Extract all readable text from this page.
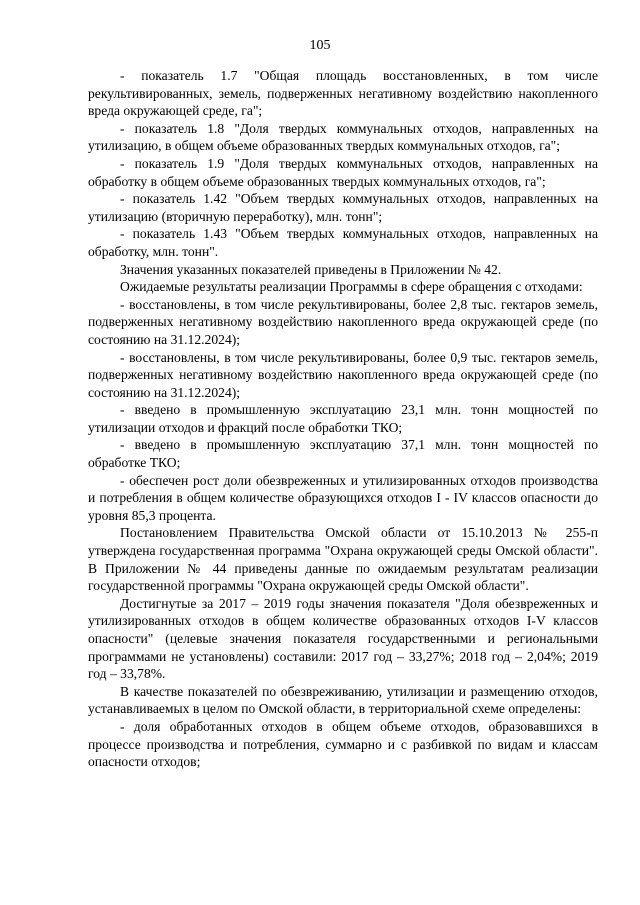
105

- показатель 1.7 "Общая площадь восстановленных, в том числе рекультивированных, земель, подверженных негативному воздействию накопленного вреда окружающей среде, га";

- показатель 1.8 "Доля твердых коммунальных отходов, направленных на утилизацию, в общем объеме образованных твердых коммунальных отходов, га";

- показатель 1.9 "Доля твердых коммунальных отходов, направленных на обработку в общем объеме образованных твердых коммунальных отходов, га";

- показатель 1.42 "Объем твердых коммунальных отходов, направленных на утилизацию (вторичную переработку), млн. тонн";

- показатель 1.43 "Объем твердых коммунальных отходов, направленных на обработку, млн. тонн".

Значения указанных показателей приведены в Приложении № 42.

Ожидаемые результаты реализации Программы в сфере обращения с отходами:

- восстановлены, в том числе рекультивированы, более 2,8 тыс. гектаров земель, подверженных негативному воздействию накопленного вреда окружающей среде (по состоянию на 31.12.2024);

- восстановлены, в том числе рекультивированы, более 0,9 тыс. гектаров земель, подверженных негативному воздействию накопленного вреда окружающей среде (по состоянию на 31.12.2024);

- введено в промышленную эксплуатацию 23,1 млн. тонн мощностей по утилизации отходов и фракций после обработки ТКО;

- введено в промышленную эксплуатацию 37,1 млн. тонн мощностей по обработке ТКО;

- обеспечен рост доли обезвреженных и утилизированных отходов производства и потребления в общем количестве образующихся отходов I - IV классов опасности до уровня 85,3 процента.

Постановлением Правительства Омской области от 15.10.2013 № 255-п утверждена государственная программа "Охрана окружающей среды Омской области". В Приложении № 44 приведены данные по ожидаемым результатам реализации государственной программы "Охрана окружающей среды Омской области".

Достигнутые за 2017 – 2019 годы значения показателя "Доля обезвреженных и утилизированных отходов в общем количестве образованных отходов I-V классов опасности" (целевые значения показателя государственными и региональными программами не установлены) составили: 2017 год – 33,27%; 2018 год – 2,04%; 2019 год – 33,78%.

В качестве показателей по обезвреживанию, утилизации и размещению отходов, устанавливаемых в целом по Омской области, в территориальной схеме определены:

- доля обработанных отходов в общем объеме отходов, образовавшихся в процессе производства и потребления, суммарно и с разбивкой по видам и классам опасности отходов;
